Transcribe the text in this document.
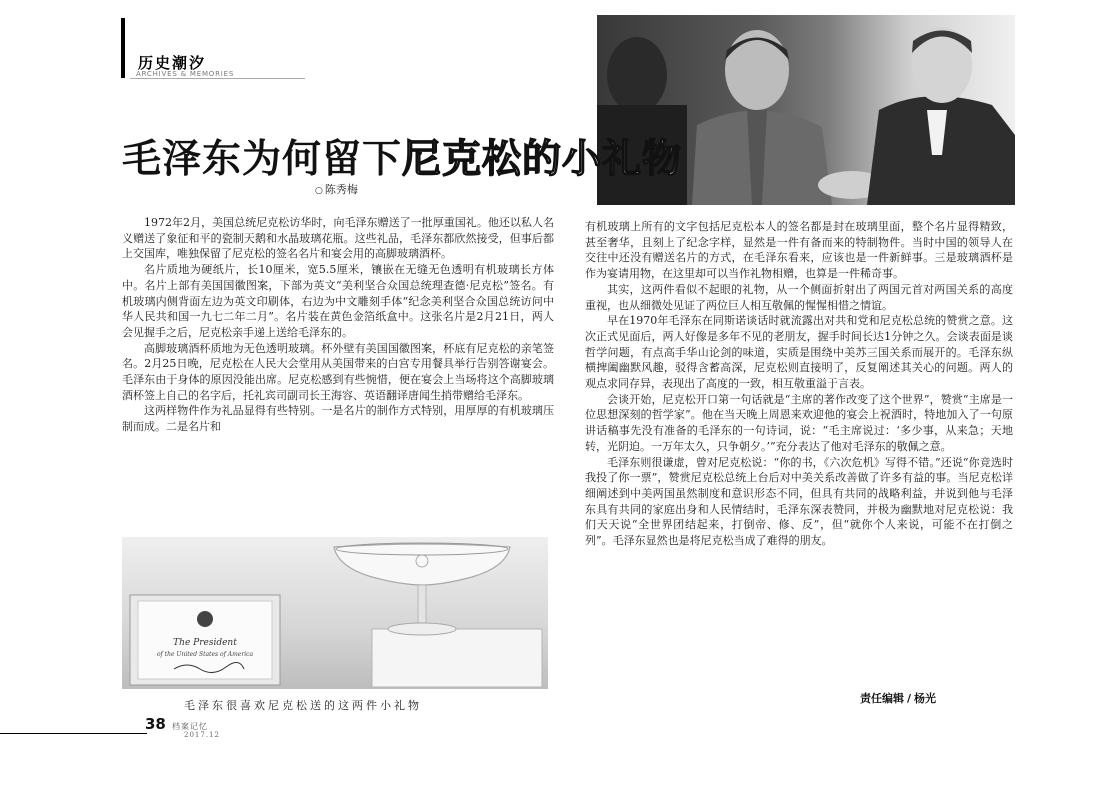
历史潮汐
ARCHIVES & MEMORIES
毛泽东为何留下尼克松的小礼物
○ 陈秀梅

1972年2月，美国总统尼克松访华时，向毛泽东赠送了一批厚重国礼。他还以私人名义赠送了象征和平的瓷制天鹅和水晶玻璃花瓶。这些礼品，毛泽东都欣然接受，但事后都上交国库，唯独保留了尼克松的签名名片和宴会用的高脚玻璃酒杯。

名片质地为硬纸片，长10厘米，宽5.5厘米，镶嵌在无缝无色透明有机玻璃长方体中。名片上部有美国国徽图案，下部为英文“美利坚合众国总统理查德·尼克松”签名。有机玻璃内侧背面左边为英文印刷体，右边为中文雕刻手体“纪念美利坚合众国总统访问中华人民共和国一九七二年二月”。名片装在黄色金箔纸盒中。这张名片是2月21日，两人会见握手之后，尼克松亲手递上送给毛泽东的。

高脚玻璃酒杯质地为无色透明玻璃。杯外壁有美国国徽图案，杯底有尼克松的亲笔签名。2月25日晚，尼克松在人民大会堂用从美国带来的白宫专用餐具举行告别答谢宴会。毛泽东由于身体的原因没能出席。尼克松感到有些惋惜，便在宴会上当场将这个高脚玻璃酒杯签上自己的名字后，托礼宾司副司长王海容、英语翻译唐闻生捎带赠给毛泽东。

这两样物件作为礼品显得有些特别。一是名片的制作方式特别，用厚厚的有机玻璃压制而成。二是名片和

有机玻璃上所有的文字包括尼克松本人的签名都是封在玻璃里面，整个名片显得精致，甚至奢华，且刻上了纪念字样，显然是一件有备而来的特制物件。当时中国的领导人在交往中还没有赠送名片的方式，在毛泽东看来，应该也是一件新鲜事。三是玻璃酒杯是作为宴请用物，在这里却可以当作礼物相赠，也算是一件稀奇事。

其实，这两件看似不起眼的礼物，从一个侧面折射出了两国元首对两国关系的高度重视，也从细微处见证了两位巨人相互敬佩的惺惺相惜之情谊。

早在1970年毛泽东在同斯诺谈话时就流露出对共和党和尼克松总统的赞赏之意。这次正式见面后，两人好像是多年不见的老朋友，握手时间长达1分钟之久。会谈表面是谈哲学问题，有点高手华山论剑的味道，实质是围绕中美苏三国关系而展开的。毛泽东纵横捭阖幽默风趣，驳得含蓄高深，尼克松则直接明了，反复阐述其关心的问题。两人的观点求同存异，表现出了高度的一致，相互敬重溢于言表。

会谈开始，尼克松开口第一句话就是“主席的著作改变了这个世界”，赞赏“主席是一位思想深刻的哲学家”。他在当天晚上周恩来欢迎他的宴会上祝酒时，特地加入了一句原讲话稿事先没有准备的毛泽东的一句诗词，说：“毛主席说过：‘多少事，从来急；天地转，光阴迫。一万年太久，只争朝夕。’”充分表达了他对毛泽东的敬佩之意。

毛泽东则很谦虚，曾对尼克松说：“你的书，《六次危机》写得不错。”还说“你竞选时我投了你一票”，赞赏尼克松总统上台后对中美关系改善做了许多有益的事。当尼克松详细阐述到中美两国虽然制度和意识形态不同，但具有共同的战略利益，并说到他与毛泽东具有共同的家庭出身和人民情结时，毛泽东深表赞同，并极为幽默地对尼克松说：我们天天说“全世界团结起来，打倒帝、修、反”，但“就你个人来说，可能不在打倒之列”。毛泽东显然也是将尼克松当成了难得的朋友。

The President
of the United States of America
毛泽东很喜欢尼克松送的这两件小礼物
责任编辑 / 杨光
38 档案记忆
2017.12
